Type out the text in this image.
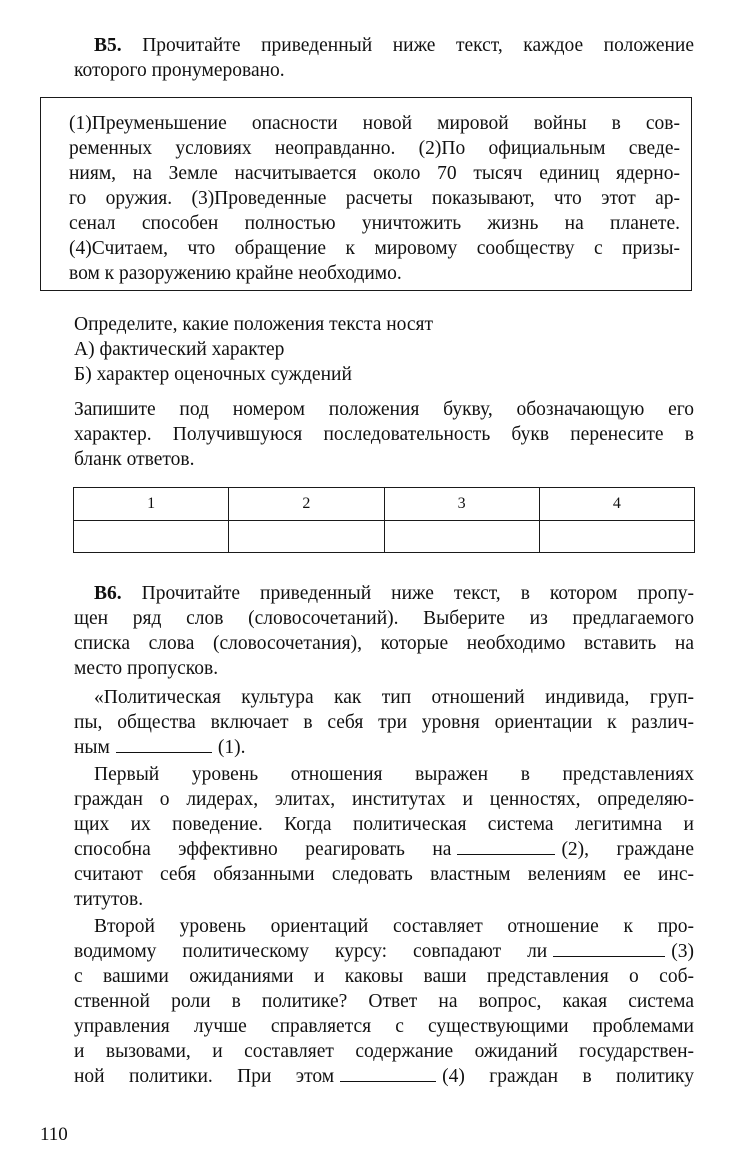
B5. Прочитайте приведенный ниже текст, каждое положение
которого пронумеровано.
(1)Преуменьшение опасности новой мировой войны в сов-
ременных условиях неоправданно. (2)По официальным сведе-
ниям, на Земле насчитывается около 70 тысяч единиц ядерно-
го оружия. (3)Проведенные расчеты показывают, что этот ар-
сенал способен полностью уничтожить жизнь на планете.
(4)Считаем, что обращение к мировому сообществу с призы-
вом к разоружению крайне необходимо.
Определите, какие положения текста носят
А) фактический характер
Б) характер оценочных суждений
Запишите под номером положения букву, обозначающую его
характер. Получившуюся последовательность букв перенесите в
бланк ответов.
1	2	3	4

B6. Прочитайте приведенный ниже текст, в котором пропу-
щен ряд слов (словосочетаний). Выберите из предлагаемого
списка слова (словосочетания), которые необходимо вставить на
место пропусков.
«Политическая культура как тип отношений индивида, груп-
пы, общества включает в себя три уровня ориентации к различ-
ным	(1).
Первый уровень отношения выражен в представлениях
граждан о лидерах, элитах, институтах и ценностях, определяю-
щих их поведение. Когда политическая система легитимна и
способна эффективно реагировать на	(2), граждане
считают себя обязанными следовать властным велениям ее инс-
титутов.
Второй уровень ориентаций составляет отношение к про-
водимому политическому курсу: совпадают ли	(3)
с вашими ожиданиями и каковы ваши представления о соб-
ственной роли в политике? Ответ на вопрос, какая система
управления лучше справляется с существующими проблемами
и вызовами, и составляет содержание ожиданий государствен-
ной политики. При этом	(4) граждан в политику
110
